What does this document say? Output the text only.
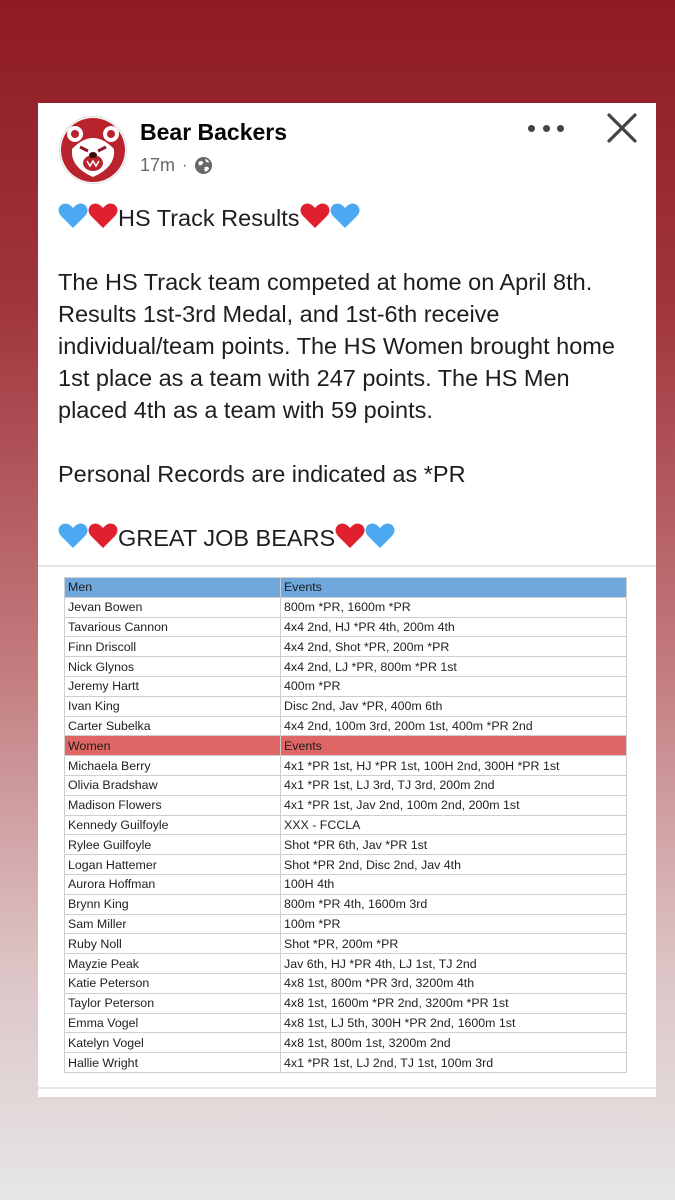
Bear Backers
17m ·

HS Track Results

The HS Track team competed at home on April 8th. Results 1st-3rd Medal, and 1st-6th receive individual/team points. The HS Women brought home 1st place as a team with 247 points. The HS Men placed 4th as a team with 59 points.

Personal Records are indicated as *PR

GREAT JOB BEARS

Men	Events
Jevan Bowen	800m *PR, 1600m *PR
Tavarious Cannon	4x4 2nd, HJ *PR 4th, 200m 4th
Finn Driscoll	4x4 2nd, Shot *PR, 200m *PR
Nick Glynos	4x4 2nd, LJ *PR, 800m *PR 1st
Jeremy Hartt	400m *PR
Ivan King	Disc 2nd, Jav *PR, 400m 6th
Carter Subelka	4x4 2nd, 100m 3rd, 200m 1st, 400m *PR 2nd
Women	Events
Michaela Berry	4x1 *PR 1st, HJ *PR 1st, 100H 2nd, 300H *PR 1st
Olivia Bradshaw	4x1 *PR 1st, LJ 3rd, TJ 3rd, 200m 2nd
Madison Flowers	4x1 *PR 1st, Jav 2nd, 100m 2nd, 200m 1st
Kennedy Guilfoyle	XXX - FCCLA
Rylee Guilfoyle	Shot *PR 6th, Jav *PR 1st
Logan Hattemer	Shot *PR 2nd, Disc 2nd, Jav 4th
Aurora Hoffman	100H 4th
Brynn King	800m *PR 4th, 1600m 3rd
Sam Miller	100m *PR
Ruby Noll	Shot *PR, 200m *PR
Mayzie Peak	Jav 6th, HJ *PR 4th, LJ 1st, TJ 2nd
Katie Peterson	4x8 1st, 800m *PR 3rd, 3200m 4th
Taylor Peterson	4x8 1st, 1600m *PR 2nd, 3200m *PR 1st
Emma Vogel	4x8 1st, LJ 5th, 300H *PR 2nd, 1600m 1st
Katelyn Vogel	4x8 1st, 800m 1st, 3200m 2nd
Hallie Wright	4x1 *PR 1st, LJ 2nd, TJ 1st, 100m 3rd
